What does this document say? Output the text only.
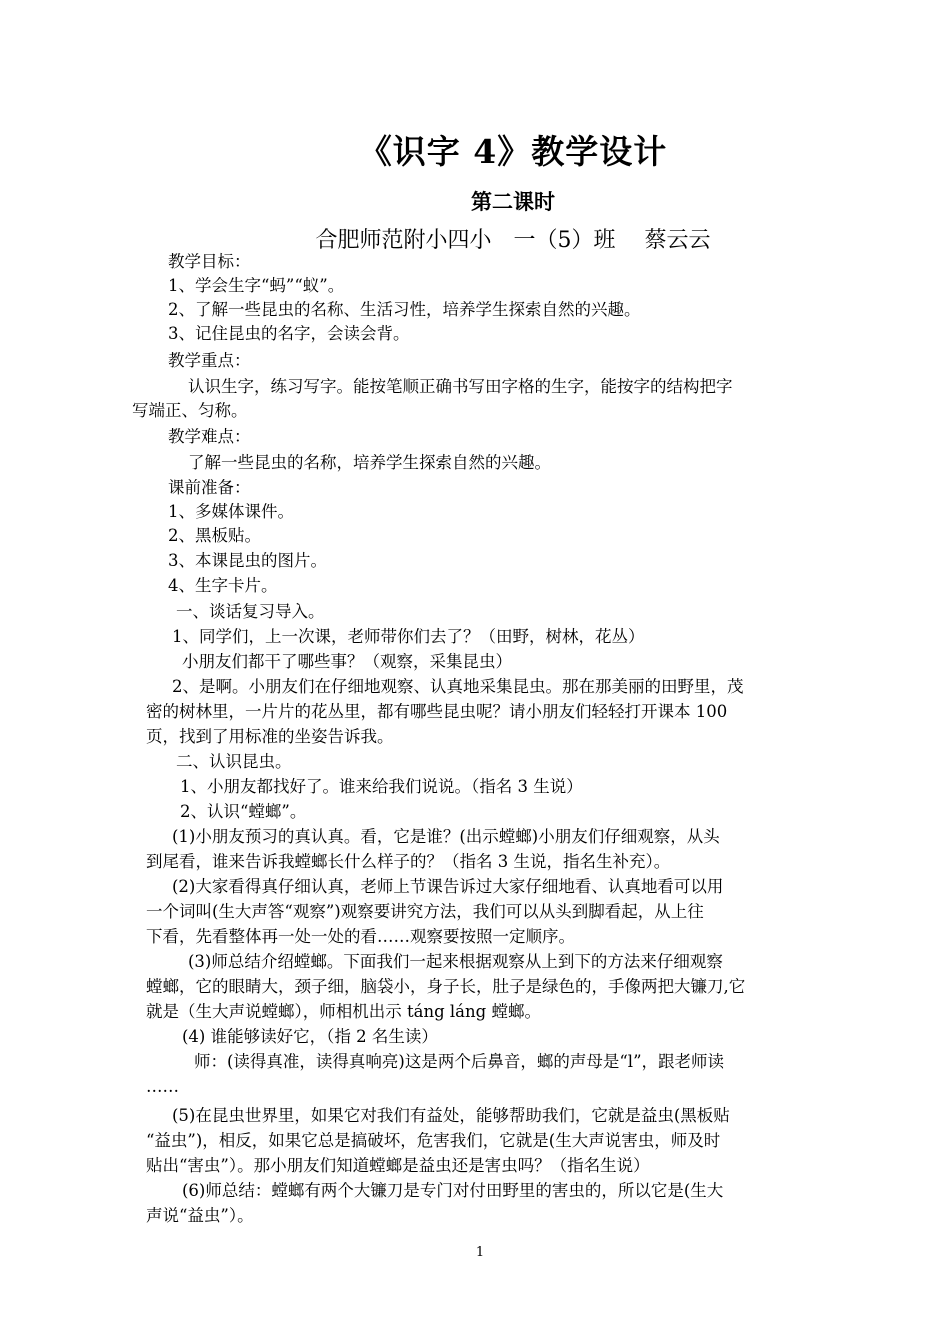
《识字 4》教学设计
第二课时
合肥师范附小四小　一（5）班　 蔡云云
教学目标：
1、学会生字“蚂”“蚁”。
2、了解一些昆虫的名称、生活习性，培养学生探索自然的兴趣。
3、记住昆虫的名字，会读会背。
教学重点：
认识生字，练习写字。能按笔顺正确书写田字格的生字，能按字的结构把字
写端正、匀称。
教学难点：
了解一些昆虫的名称，培养学生探索自然的兴趣。
课前准备：
1、多媒体课件。
2、黑板贴。
3、本课昆虫的图片。
4、生字卡片。
一、谈话复习导入。
1、同学们，上一次课，老师带你们去了？（田野，树林，花丛）
小朋友们都干了哪些事？（观察，采集昆虫）
2、是啊。小朋友们在仔细地观察、认真地采集昆虫。那在那美丽的田野里，茂
密的树林里，一片片的花丛里，都有哪些昆虫呢？请小朋友们轻轻打开课本 100
页，找到了用标准的坐姿告诉我。
二、认识昆虫。
1、小朋友都找好了。谁来给我们说说。（指名 3 生说）
2、认识“螳螂”。
(1)小朋友预习的真认真。看，它是谁？(出示螳螂)小朋友们仔细观察，从头
到尾看，谁来告诉我螳螂长什么样子的？（指名 3 生说，指名生补充）。
(2)大家看得真仔细认真，老师上节课告诉过大家仔细地看、认真地看可以用
一个词叫(生大声答“观察”)观察要讲究方法，我们可以从头到脚看起，从上往
下看，先看整体再一处一处的看……观察要按照一定顺序。
(3)师总结介绍螳螂。下面我们一起来根据观察从上到下的方法来仔细观察
螳螂，它的眼睛大，颈子细，脑袋小，身子长，肚子是绿色的，手像两把大镰刀,它
就是（生大声说螳螂），师相机出示 táng láng 螳螂。
(4) 谁能够读好它，（指 2 名生读）
师：(读得真准，读得真响亮)这是两个后鼻音，螂的声母是“l”，跟老师读
……
(5)在昆虫世界里，如果它对我们有益处，能够帮助我们，它就是益虫(黑板贴
“益虫”)，相反，如果它总是搞破坏，危害我们，它就是(生大声说害虫，师及时
贴出“害虫”）。那小朋友们知道螳螂是益虫还是害虫吗？（指名生说）
(6)师总结：螳螂有两个大镰刀是专门对付田野里的害虫的，所以它是(生大
声说“益虫”）。
1
